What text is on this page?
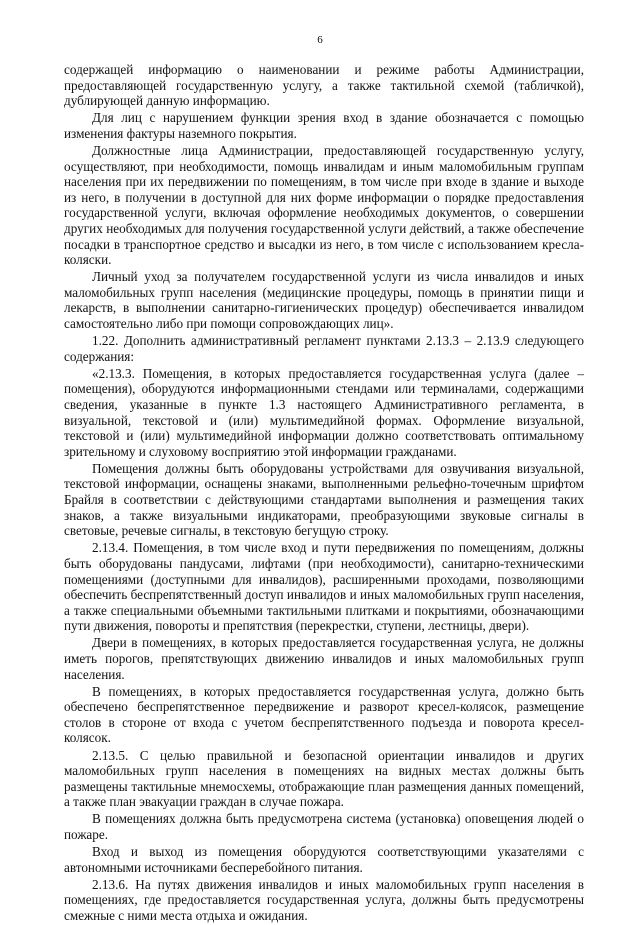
6

содержащей информацию о наименовании и режиме работы Администрации, предоставляющей государственную услугу, а также тактильной схемой (табличкой), дублирующей данную информацию.

Для лиц с нарушением функции зрения вход в здание обозначается с помощью изменения фактуры наземного покрытия.

Должностные лица Администрации, предоставляющей государственную услугу, осуществляют, при необходимости, помощь инвалидам и иным маломобильным группам населения при их передвижении по помещениям, в том числе при входе в здание и выходе из него, в получении в доступной для них форме информации о порядке предоставления государственной услуги, включая оформление необходимых документов, о совершении других необходимых для получения государственной услуги действий, а также обеспечение посадки в транспортное средство и высадки из него, в том числе с использованием кресла-коляски.

Личный уход за получателем государственной услуги из числа инвалидов и иных маломобильных групп населения (медицинские процедуры, помощь в принятии пищи и лекарств, в выполнении санитарно-гигиенических процедур) обеспечивается инвалидом самостоятельно либо при помощи сопровождающих лиц».

1.22. Дополнить административный регламент пунктами 2.13.3 – 2.13.9 следующего содержания:

«2.13.3. Помещения, в которых предоставляется государственная услуга (далее – помещения), оборудуются информационными стендами или терминалами, содержащими сведения, указанные в пункте 1.3 настоящего Административного регламента, в визуальной, текстовой и (или) мультимедийной формах. Оформление визуальной, текстовой и (или) мультимедийной информации должно соответствовать оптимальному зрительному и слуховому восприятию этой информации гражданами.

Помещения должны быть оборудованы устройствами для озвучивания визуальной, текстовой информации, оснащены знаками, выполненными рельефно-точечным шрифтом Брайля в соответствии с действующими стандартами выполнения и размещения таких знаков, а также визуальными индикаторами, преобразующими звуковые сигналы в световые, речевые сигналы, в текстовую бегущую строку.

2.13.4. Помещения, в том числе вход и пути передвижения по помещениям, должны быть оборудованы пандусами, лифтами (при необходимости), санитарно-техническими помещениями (доступными для инвалидов), расширенными проходами, позволяющими обеспечить беспрепятственный доступ инвалидов и иных маломобильных групп населения, а также специальными объемными тактильными плитками и покрытиями, обозначающими пути движения, повороты и препятствия (перекрестки, ступени, лестницы, двери).

Двери в помещениях, в которых предоставляется государственная услуга, не должны иметь порогов, препятствующих движению инвалидов и иных маломобильных групп населения.

В помещениях, в которых предоставляется государственная услуга, должно быть обеспечено беспрепятственное передвижение и разворот кресел-колясок, размещение столов в стороне от входа с учетом беспрепятственного подъезда и поворота кресел-колясок.

2.13.5. С целью правильной и безопасной ориентации инвалидов и других маломобильных групп населения в помещениях на видных местах должны быть размещены тактильные мнемосхемы, отображающие план размещения данных помещений, а также план эвакуации граждан в случае пожара.

В помещениях должна быть предусмотрена система (установка) оповещения людей о пожаре.

Вход и выход из помещения оборудуются соответствующими указателями с автономными источниками бесперебойного питания.

2.13.6. На путях движения инвалидов и иных маломобильных групп населения в помещениях, где предоставляется государственная услуга, должны быть предусмотрены смежные с ними места отдыха и ожидания.
